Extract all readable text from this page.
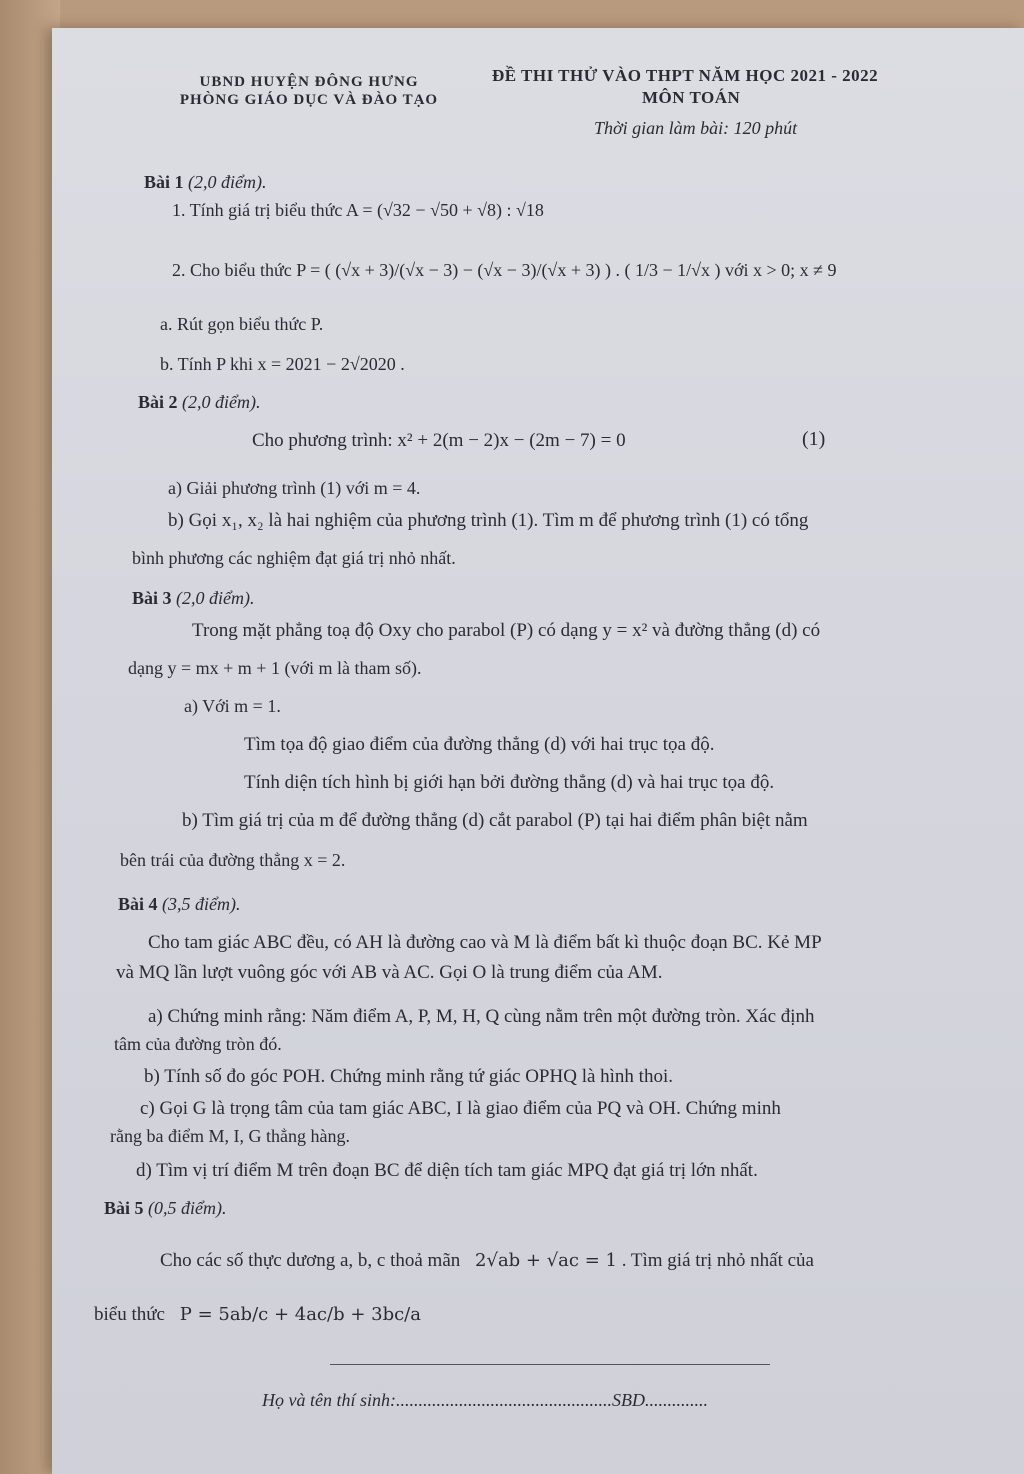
UBND HUYỆN ĐÔNG HƯNG
PHÒNG GIÁO DỤC VÀ ĐÀO TẠO
ĐỀ THI THỬ VÀO THPT NĂM HỌC 2021 - 2022
MÔN TOÁN
Thời gian làm bài: 120 phút
Bài 1 (2,0 điểm).
1. Tính giá trị biểu thức A = (√32 − √50 + √8) : √18
2. Cho biểu thức P = ( (√x + 3)/(√x − 3) − (√x − 3)/(√x + 3) ) . ( 1/3 − 1/√x ) với x > 0; x ≠ 9
a. Rút gọn biểu thức P.
b. Tính P khi x = 2021 − 2√2020 .
Bài 2 (2,0 điểm).
Cho phương trình: x² + 2(m − 2)x − (2m − 7) = 0	(1)
a) Giải phương trình (1) với m = 4.
b) Gọi x₁, x₂ là hai nghiệm của phương trình (1). Tìm m để phương trình (1) có tổng
bình phương các nghiệm đạt giá trị nhỏ nhất.
Bài 3 (2,0 điểm).
Trong mặt phẳng toạ độ Oxy cho parabol (P) có dạng y = x² và đường thẳng (d) có
dạng y = mx + m + 1 (với m là tham số).
a) Với m = 1.
Tìm tọa độ giao điểm của đường thẳng (d) với hai trục tọa độ.
Tính diện tích hình bị giới hạn bởi đường thẳng (d) và hai trục tọa độ.
b) Tìm giá trị của m để đường thẳng (d) cắt parabol (P) tại hai điểm phân biệt nằm
bên trái của đường thẳng x = 2.
Bài 4 (3,5 điểm).
Cho tam giác ABC đều, có AH là đường cao và M là điểm bất kì thuộc đoạn BC. Kẻ MP
và MQ lần lượt vuông góc với AB và AC. Gọi O là trung điểm của AM.
a) Chứng minh rằng: Năm điểm A, P, M, H, Q cùng nằm trên một đường tròn. Xác định
tâm của đường tròn đó.
b) Tính số đo góc POH. Chứng minh rằng tứ giác OPHQ là hình thoi.
c) Gọi G là trọng tâm của tam giác ABC, I là giao điểm của PQ và OH. Chứng minh
rằng ba điểm M, I, G thẳng hàng.
d) Tìm vị trí điểm M trên đoạn BC để diện tích tam giác MPQ đạt giá trị lớn nhất.
Bài 5 (0,5 điểm).
Cho các số thực dương a, b, c thoả mãn 2√ab + √ac = 1 . Tìm giá trị nhỏ nhất của
biểu thức P = 5ab/c + 4ac/b + 3bc/a
Họ và tên thí sinh:................................................SBD..............
